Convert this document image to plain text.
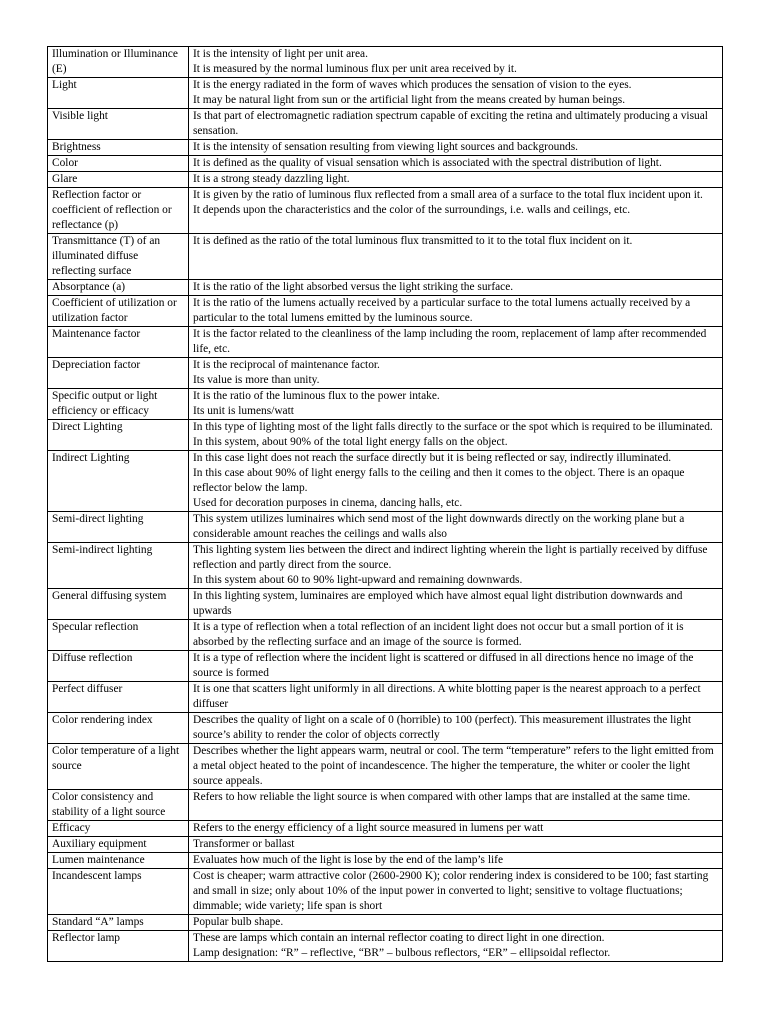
Illumination or Illuminance (E)	It is the intensity of light per unit area.
It is measured by the normal luminous flux per unit area received by it.

Light	It is the energy radiated in the form of waves which produces the sensation of vision to the eyes.
It may be natural light from sun or the artificial light from the means created by human beings.

Visible light	Is that part of electromagnetic radiation spectrum capable of exciting the retina and ultimately producing a visual sensation.

Brightness	It is the intensity of sensation resulting from viewing light sources and backgrounds.

Color	It is defined as the quality of visual sensation which is associated with the spectral distribution of light.

Glare	It is a strong steady dazzling light.

Reflection factor or coefficient of reflection or reflectance (p)	It is given by the ratio of luminous flux reflected from a small area of a surface to the total flux incident upon it.
It depends upon the characteristics and the color of the surroundings, i.e. walls and ceilings, etc.

Transmittance (T) of an illuminated diffuse reflecting surface	It is defined as the ratio of the total luminous flux transmitted to it to the total flux incident on it.

Absorptance (a)	It is the ratio of the light absorbed versus the light striking the surface.

Coefficient of utilization or utilization factor	It is the ratio of the lumens actually received by a particular surface to the total lumens actually received by a particular to the total lumens emitted by the luminous source.

Maintenance factor	It is the factor related to the cleanliness of the lamp including the room, replacement of lamp after recommended life, etc.

Depreciation factor	It is the reciprocal of maintenance factor.
Its value is more than unity.

Specific output or light efficiency or efficacy	It is the ratio of the luminous flux to the power intake.
Its unit is lumens/watt

Direct Lighting	In this type of lighting most of the light falls directly to the surface or the spot which is required to be illuminated.
In this system, about 90% of the total light energy falls on the object.

Indirect Lighting	In this case light does not reach the surface directly but it is being reflected or say, indirectly illuminated.
In this case about 90% of light energy falls to the ceiling and then it comes to the object. There is an opaque reflector below the lamp.
Used for decoration purposes in cinema, dancing halls, etc.

Semi-direct lighting	This system utilizes luminaires which send most of the light downwards directly on the working plane but a considerable amount reaches the ceilings and walls also

Semi-indirect lighting	This lighting system lies between the direct and indirect lighting wherein the light is partially received by diffuse reflection and partly direct from the source.
In this system about 60 to 90% light-upward and remaining downwards.

General diffusing system	In this lighting system, luminaires are employed which have almost equal light distribution downwards and upwards

Specular reflection	It is a type of reflection when a total reflection of an incident light does not occur but a small portion of it is absorbed by the reflecting surface and an image of the source is formed.

Diffuse reflection	It is a type of reflection where the incident light is scattered or diffused in all directions hence no image of the source is formed

Perfect diffuser	It is one that scatters light uniformly in all directions. A white blotting paper is the nearest approach to a perfect diffuser

Color rendering index	Describes the quality of light on a scale of 0 (horrible) to 100 (perfect). This measurement illustrates the light source’s ability to render the color of objects correctly

Color temperature of a light source	Describes whether the light appears warm, neutral or cool. The term “temperature” refers to the light emitted from a metal object heated to the point of incandescence. The higher the temperature, the whiter or cooler the light source appeals.

Color consistency and stability of a light source	Refers to how reliable the light source is when compared with other lamps that are installed at the same time.

Efficacy	Refers to the energy efficiency of a light source measured in lumens per watt

Auxiliary equipment	Transformer or ballast

Lumen maintenance	Evaluates how much of the light is lose by the end of the lamp’s life

Incandescent lamps	Cost is cheaper; warm attractive color (2600-2900 K); color rendering index is considered to be 100; fast starting and small in size; only about 10% of the input power in converted to light; sensitive to voltage fluctuations; dimmable; wide variety; life span is short

Standard “A” lamps	Popular bulb shape.

Reflector lamp	These are lamps which contain an internal reflector coating to direct light in one direction.
Lamp designation: “R” – reflective, “BR” – bulbous reflectors, “ER” – ellipsoidal reflector.
